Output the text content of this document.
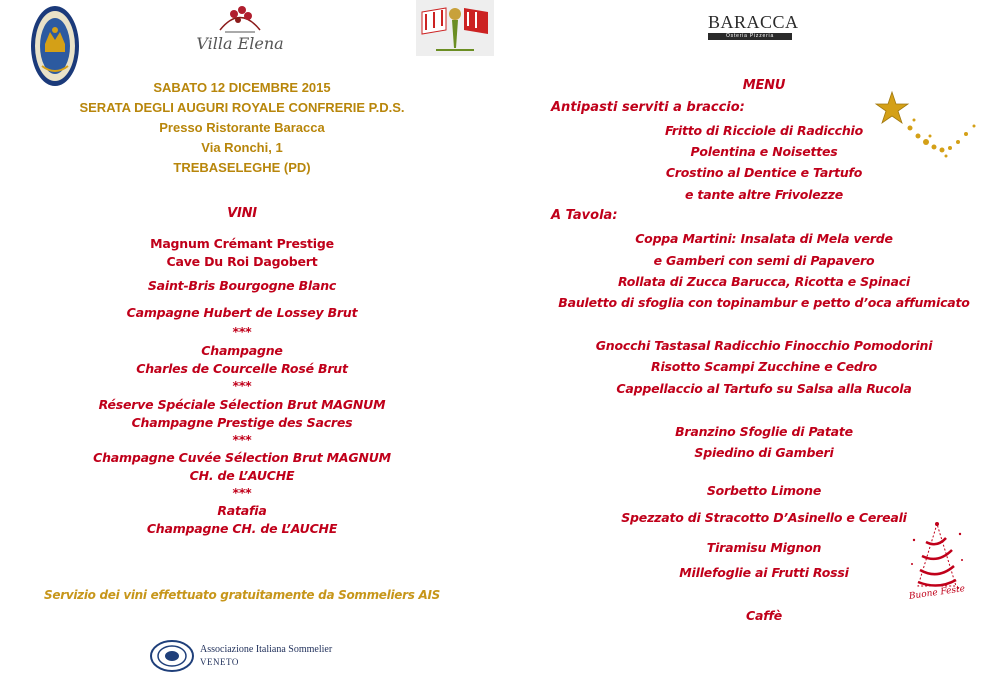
Villa Elena
SABATO 12 DICEMBRE 2015
SERATA DEGLI AUGURI ROYALE CONFRERIE P.D.S.
Presso Ristorante Baracca
Via Ronchi, 1
TREBASELEGHE (PD)
VINI
Magnum Crémant Prestige
Cave Du Roi Dagobert
Saint-Bris Bourgogne Blanc
Campagne Hubert de Lossey Brut
***
Champagne
Charles de Courcelle Rosé Brut
***
Réserve Spéciale Sélection Brut MAGNUM
Champagne Prestige des Sacres
***
Champagne Cuvée Sélection Brut MAGNUM
CH. de L’AUCHE
***
Ratafia
Champagne CH. de L’AUCHE
Servizio dei vini effettuato gratuitamente da Sommeliers AIS
Associazione Italiana Sommelier
VENETO
BARACCA
Osteria Pizzeria
MENU
Antipasti serviti a braccio:
Fritto di Ricciole di Radicchio
Polentina e Noisettes
Crostino al Dentice e Tartufo
e tante altre Frivolezze
A Tavola:
Coppa Martini: Insalata di Mela verde
e Gamberi con semi di Papavero
Rollata di Zucca Barucca, Ricotta e Spinaci
Bauletto di sfoglia con topinambur e petto d’oca affumicato
Gnocchi Tastasal Radicchio Finocchio Pomodorini
Risotto Scampi Zucchine e Cedro
Cappellaccio al Tartufo su Salsa alla Rucola
Branzino Sfoglie di Patate
Spiedino di Gamberi
Sorbetto Limone
Spezzato di Stracotto D’Asinello e Cereali
Tiramisu Mignon
Millefoglie ai Frutti Rossi
Caffè
Buone Feste
